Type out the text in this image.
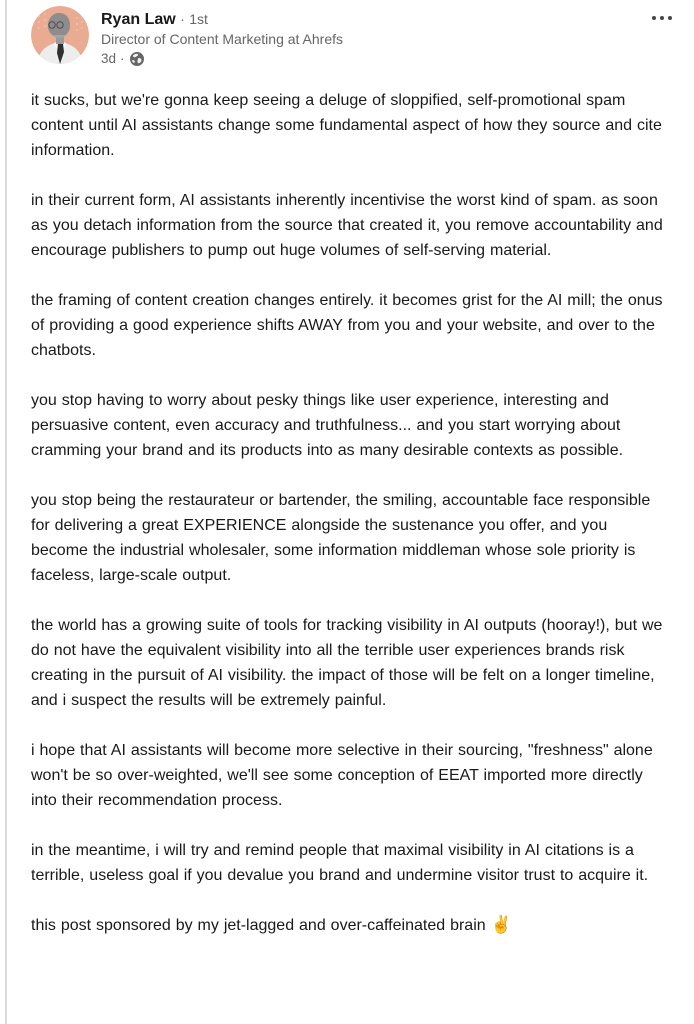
Ryan Law · 1st
Director of Content Marketing at Ahrefs
3d ·

it sucks, but we're gonna keep seeing a deluge of sloppified, self-promotional spam content until AI assistants change some fundamental aspect of how they source and cite information.

in their current form, AI assistants inherently incentivise the worst kind of spam. as soon as you detach information from the source that created it, you remove accountability and encourage publishers to pump out huge volumes of self-serving material.

the framing of content creation changes entirely. it becomes grist for the AI mill; the onus of providing a good experience shifts AWAY from you and your website, and over to the chatbots.

you stop having to worry about pesky things like user experience, interesting and persuasive content, even accuracy and truthfulness... and you start worrying about cramming your brand and its products into as many desirable contexts as possible.

you stop being the restaurateur or bartender, the smiling, accountable face responsible for delivering a great EXPERIENCE alongside the sustenance you offer, and you become the industrial wholesaler, some information middleman whose sole priority is faceless, large-scale output.

the world has a growing suite of tools for tracking visibility in AI outputs (hooray!), but we do not have the equivalent visibility into all the terrible user experiences brands risk creating in the pursuit of AI visibility. the impact of those will be felt on a longer timeline, and i suspect the results will be extremely painful.

i hope that AI assistants will become more selective in their sourcing, "freshness" alone won't be so over-weighted, we'll see some conception of EEAT imported more directly into their recommendation process.

in the meantime, i will try and remind people that maximal visibility in AI citations is a terrible, useless goal if you devalue you brand and undermine visitor trust to acquire it.

this post sponsored by my jet-lagged and over-caffeinated brain ✌️
